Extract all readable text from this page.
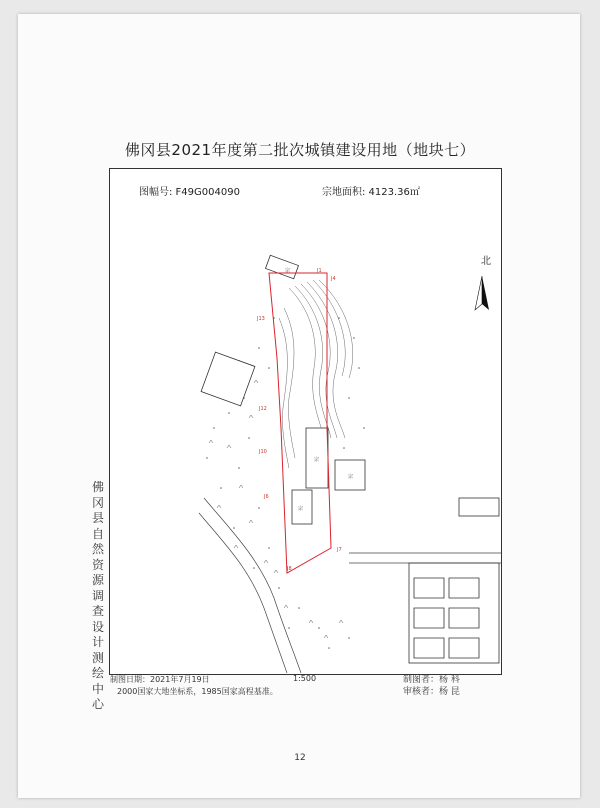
佛冈县2021年度第二批次城镇建设用地（地块七）
J1
J4
J13
J12
J10
J6
J7
J8
宗
宗
宗
宗
图幅号: F49G004090	宗地面积: 4123.36㎡
北
佛冈县自然资源调查设计测绘中心
制图日期：2021年7月19日	1:500
2000国家大地坐标系，1985国家高程基准。
制图者：杨 科
审核者：杨 昆
12
